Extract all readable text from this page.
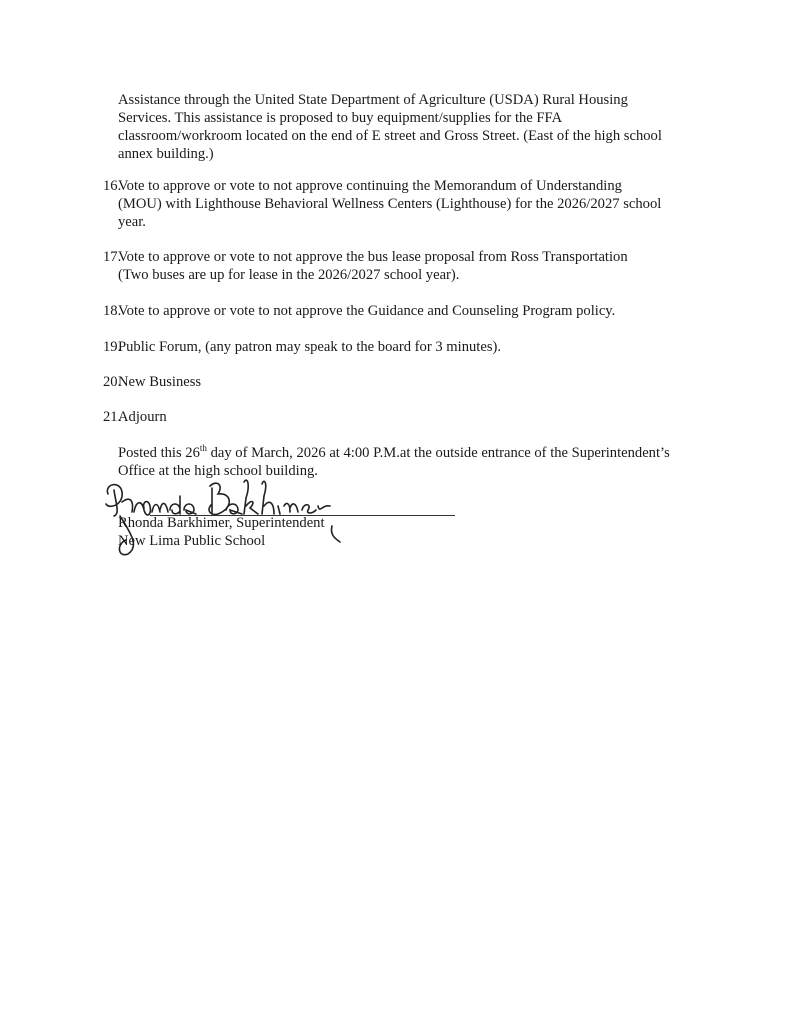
Assistance through the United State Department of Agriculture (USDA) Rural Housing
Services. This assistance is proposed to buy equipment/supplies for the FFA
classroom/workroom located on the end of E street and Gross Street. (East of the high school
annex building.)
16.
Vote to approve or vote to not approve continuing the Memorandum of Understanding
(MOU) with Lighthouse Behavioral Wellness Centers (Lighthouse) for the 2026/2027 school
year.
17.
Vote to approve or vote to not approve the bus lease proposal from Ross Transportation
(Two buses are up for lease in the 2026/2027 school year).
18.
Vote to approve or vote to not approve the Guidance and Counseling Program policy.
19.
Public Forum, (any patron may speak to the board for 3 minutes).
20.
New Business
21.
Adjourn
Posted this 26th day of March, 2026 at 4:00 P.M.at the outside entrance of the Superintendent’s
Office at the high school building.
Rhonda Barkhimer, Superintendent
New Lima Public School
